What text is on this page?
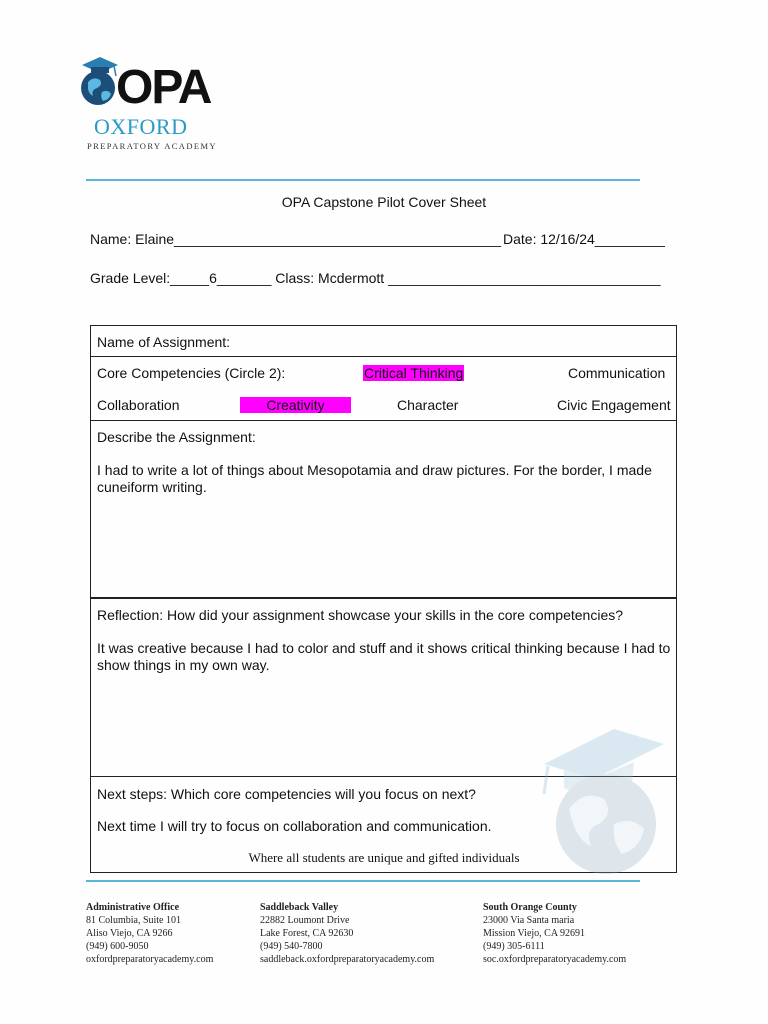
OPA
OXFORD
PREPARATORY ACADEMY
OPA Capstone Pilot Cover Sheet
Name: Elaine__________________________________________ Date: 12/16/24_________
Grade Level:_____6_______ Class: Mcdermott ___________________________________
Name of Assignment:
Core Competencies (Circle 2):	Critical Thinking	Communication
Collaboration	Creativity	Character	Civic Engagement
Describe the Assignment:
I had to write a lot of things about Mesopotamia and draw pictures. For the border, I made cuneiform writing.
Reflection: How did your assignment showcase your skills in the core competencies?
It was creative because I had to color and stuff and it shows critical thinking because I had to show things in my own way.
Next steps: Which core competencies will you focus on next?
Next time I will try to focus on collaboration and communication.
Where all students are unique and gifted individuals
Administrative Office
81 Columbia, Suite 101
Aliso Viejo, CA 9266
(949) 600-9050
oxfordpreparatoryacademy.com
Saddleback Valley
22882 Loumont Drive
Lake Forest, CA 92630
(949) 540-7800
saddleback.oxfordpreparatoryacademy.com
South Orange County
23000 Via Santa maria
Mission Viejo, CA 92691
(949) 305-6111
soc.oxfordpreparatoryacademy.com
